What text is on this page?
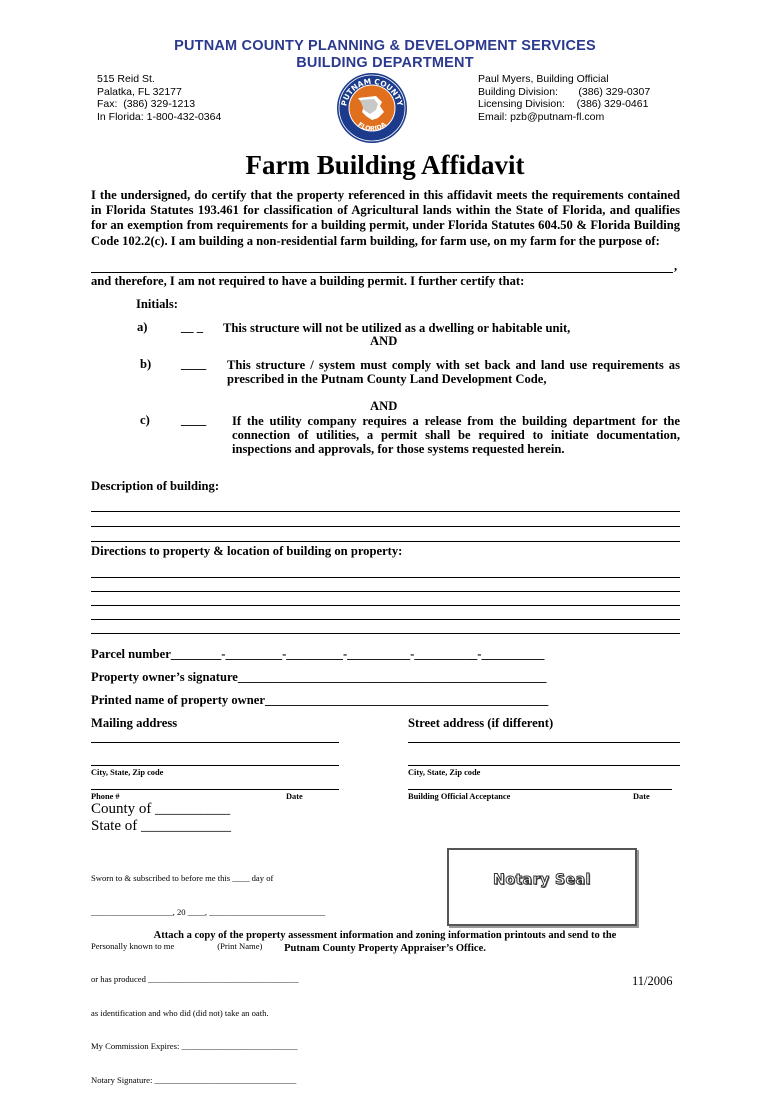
PUTNAM COUNTY PLANNING & DEVELOPMENT SERVICES
BUILDING DEPARTMENT
515 Reid St.
Palatka, FL 32177
Fax:  (386) 329-1213
In Florida: 1-800-432-0364
Paul Myers, Building Official
Building Division:       (386) 329-0307
Licensing Division:    (386) 329-0461
Email: pzb@putnam-fl.com
PUTNAM COUNTY
FLORIDA
Farm Building Affidavit
I the undersigned, do certify that the property referenced in this affidavit meets the requirements contained in Florida Statutes 193.461 for classification of Agricultural lands within the State of Florida, and qualifies for an exemption from requirements for a building permit, under Florida Statutes 604.50 & Florida Building Code 102.2(c). I am building a non-residential farm building, for farm use, on my farm for the purpose of:
,
and therefore, I am not required to have a building permit. I further certify that:
Initials:
a)	__ _ This structure will not be utilized as a dwelling or habitable unit,
AND
b) ____ This structure / system must comply with set back and land use requirements as prescribed in the Putnam County Land Development Code,
AND
c) ____ If the utility company requires a release from the building department for the connection of utilities, a permit shall be required to initiate documentation, inspections and approvals, for those systems requested herein.
Description of building:
Directions to property & location of building on property:
Parcel number________-_________-_________-__________-__________-__________
Property owner’s signature_________________________________________________
Printed name of property owner_____________________________________________
Mailing address	Street address (if different)
City, State, Zip code	City, State, Zip code
Phone #	Date	Building Official Acceptance	Date
County of __________
State of ____________

Sworn to & subscribed to before me this ____ day of

___________________, 20 ____, ___________________________

Personally known to me                    (Print Name)

or has produced ___________________________________

as identification and who did (did not) take an oath.

My Commission Expires: ___________________________

Notary Signature: _________________________________

Notary Seal
Attach a copy of the property assessment information and zoning information printouts and send to the
Putnam County Property Appraiser’s Office.
11/2006
